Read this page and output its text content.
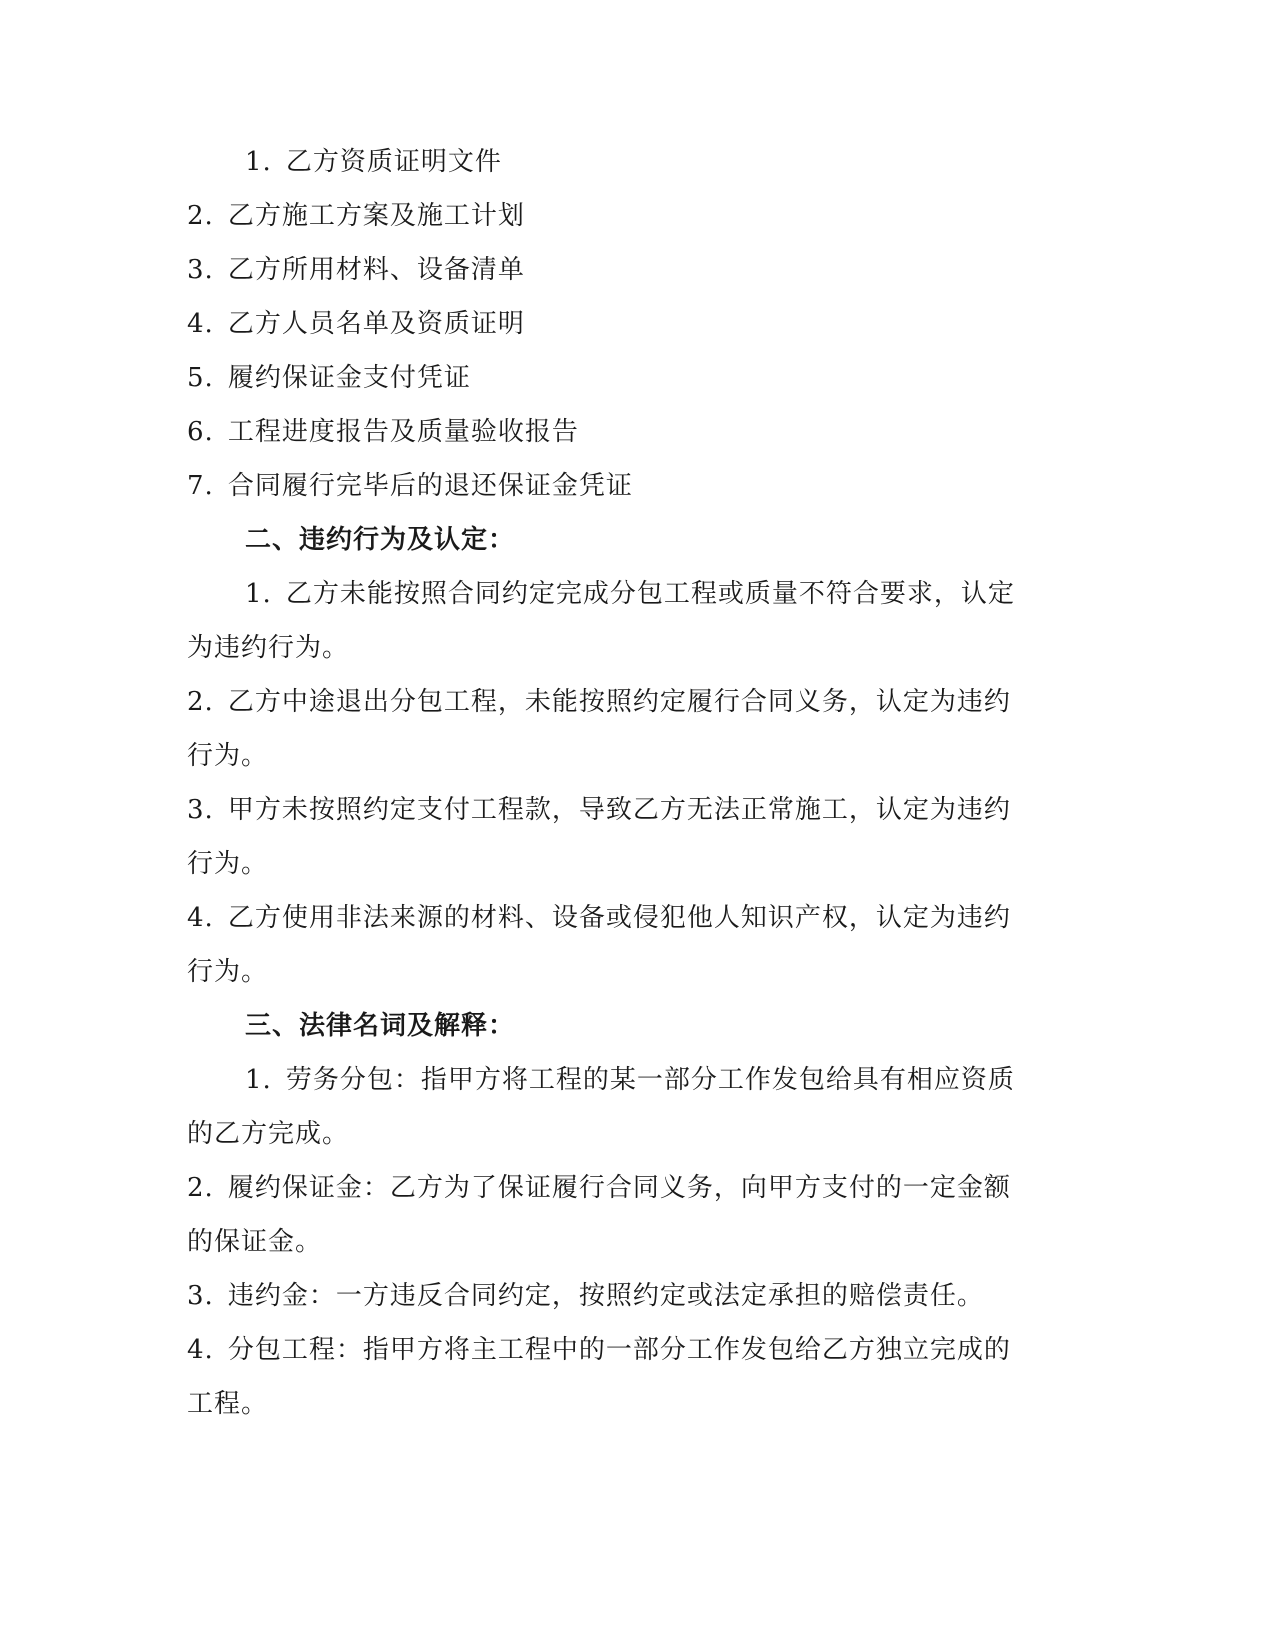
1. 乙方资质证明文件
2. 乙方施工方案及施工计划
3. 乙方所用材料、设备清单
4. 乙方人员名单及资质证明
5. 履约保证金支付凭证
6. 工程进度报告及质量验收报告
7. 合同履行完毕后的退还保证金凭证
二、违约行为及认定：
1. 乙方未能按照合同约定完成分包工程或质量不符合要求，认定
为违约行为。
2. 乙方中途退出分包工程，未能按照约定履行合同义务，认定为违约
行为。
3. 甲方未按照约定支付工程款，导致乙方无法正常施工，认定为违约
行为。
4. 乙方使用非法来源的材料、设备或侵犯他人知识产权，认定为违约
行为。
三、法律名词及解释：
1. 劳务分包：指甲方将工程的某一部分工作发包给具有相应资质
的乙方完成。
2. 履约保证金：乙方为了保证履行合同义务，向甲方支付的一定金额
的保证金。
3. 违约金：一方违反合同约定，按照约定或法定承担的赔偿责任。
4. 分包工程：指甲方将主工程中的一部分工作发包给乙方独立完成的
工程。
